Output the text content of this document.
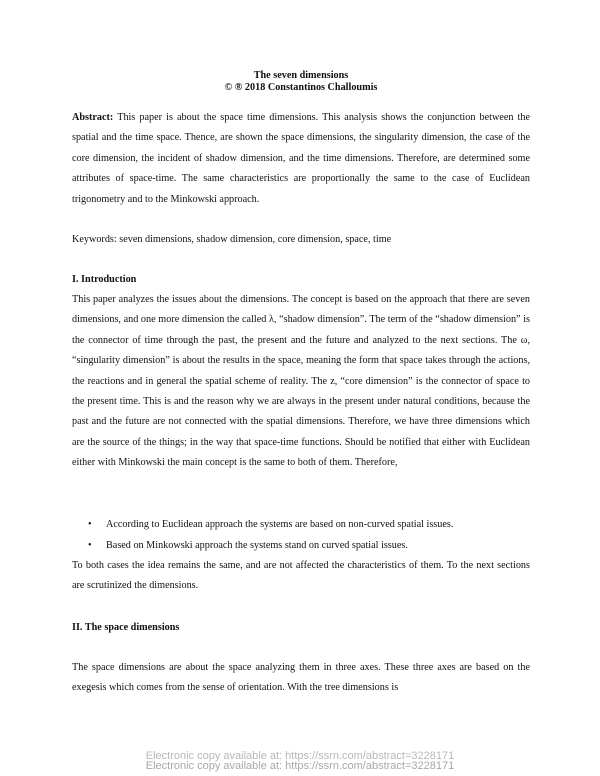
The seven dimensions
© ® 2018 Constantinos Challoumis

Abstract: This paper is about the space time dimensions. This analysis shows the conjunction between the spatial and the time space. Thence, are shown the space dimensions, the singularity dimension, the case of the core dimension, the incident of shadow dimension, and the time dimensions. Therefore, are determined some attributes of space-time. The same characteristics are proportionally the same to the case of Euclidean trigonometry and to the Minkowski approach.

Keywords: seven dimensions, shadow dimension, core dimension, space, time

I. Introduction

This paper analyzes the issues about the dimensions. The concept is based on the approach that there are seven dimensions, and one more dimension the called λ, “shadow dimension”. The term of the “shadow dimension” is the connector of time through the past, the present and the future and analyzed to the next sections. The ω, “singularity dimension” is about the results in the space, meaning the form that space takes through the actions, the reactions and in general the spatial scheme of reality. The z, “core dimension” is the connector of space to the present time. This is and the reason why we are always in the present under natural conditions, because the past and the future are not connected with the spatial dimensions. Therefore, we have three dimensions which are the source of the things; in the way that space-time functions. Should be notified that either with Euclidean either with Minkowski the main concept is the same to both of them. Therefore,

• According to Euclidean approach the systems are based on non-curved spatial issues.
• Based on Minkowski approach the systems stand on curved spatial issues.

To both cases the idea remains the same, and are not affected the characteristics of them. To the next sections are scrutinized the dimensions.

II. The space dimensions

The space dimensions are about the space analyzing them in three axes. These three axes are based on the exegesis which comes from the sense of orientation. With the tree dimensions is

Electronic copy available at: https://ssrn.com/abstract=3228171
Electronic copy available at: https://ssrn.com/abstract=3228171
